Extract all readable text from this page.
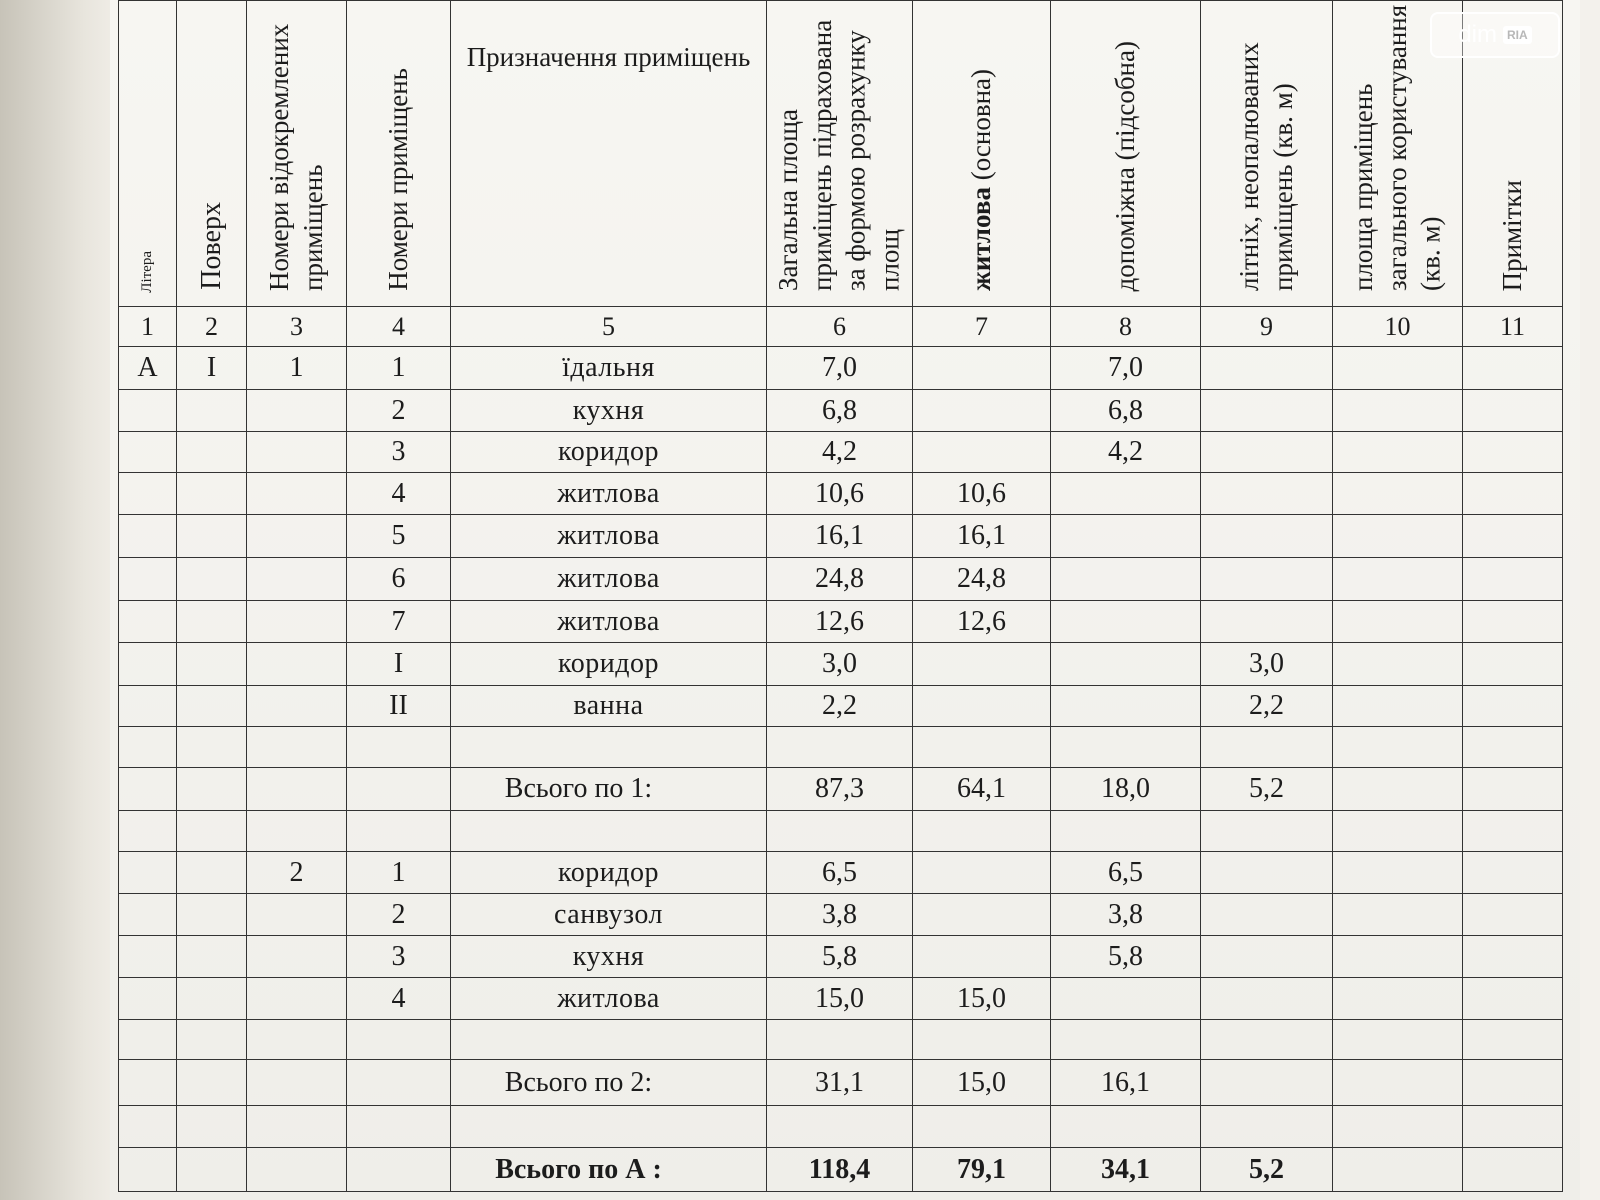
Літера	Поверх	Номери відокремлених приміщень	Номери приміщень	Призначення приміщень	Загальна площа приміщень підрахована за формою розрахунку площ	житлова (основна)	допоміжна (підсобна)	літніх, неопалюваних приміщень (кв. м)	площа приміщень загального користування (кв. м)	Примітки
1	2	3	4	5	6	7	8	9	10	11
А	І	1	1	їдальня	7,0		7,0			
			2	кухня	6,8		6,8			
			3	коридор	4,2		4,2			
			4	житлова	10,6	10,6				
			5	житлова	16,1	16,1				
			6	житлова	24,8	24,8				
			7	житлова	12,6	12,6				
			І	коридор	3,0			3,0		
			ІІ	ванна	2,2			2,2		

				Всього по 1:	87,3	64,1	18,0	5,2		

		2	1	коридор	6,5		6,5			
			2	санвузол	3,8		3,8			
			3	кухня	5,8		5,8			
			4	житлова	15,0	15,0				

				Всього по 2:	31,1	15,0	16,1			

				Всього по А :	118,4	79,1	34,1	5,2		
dim RIA
